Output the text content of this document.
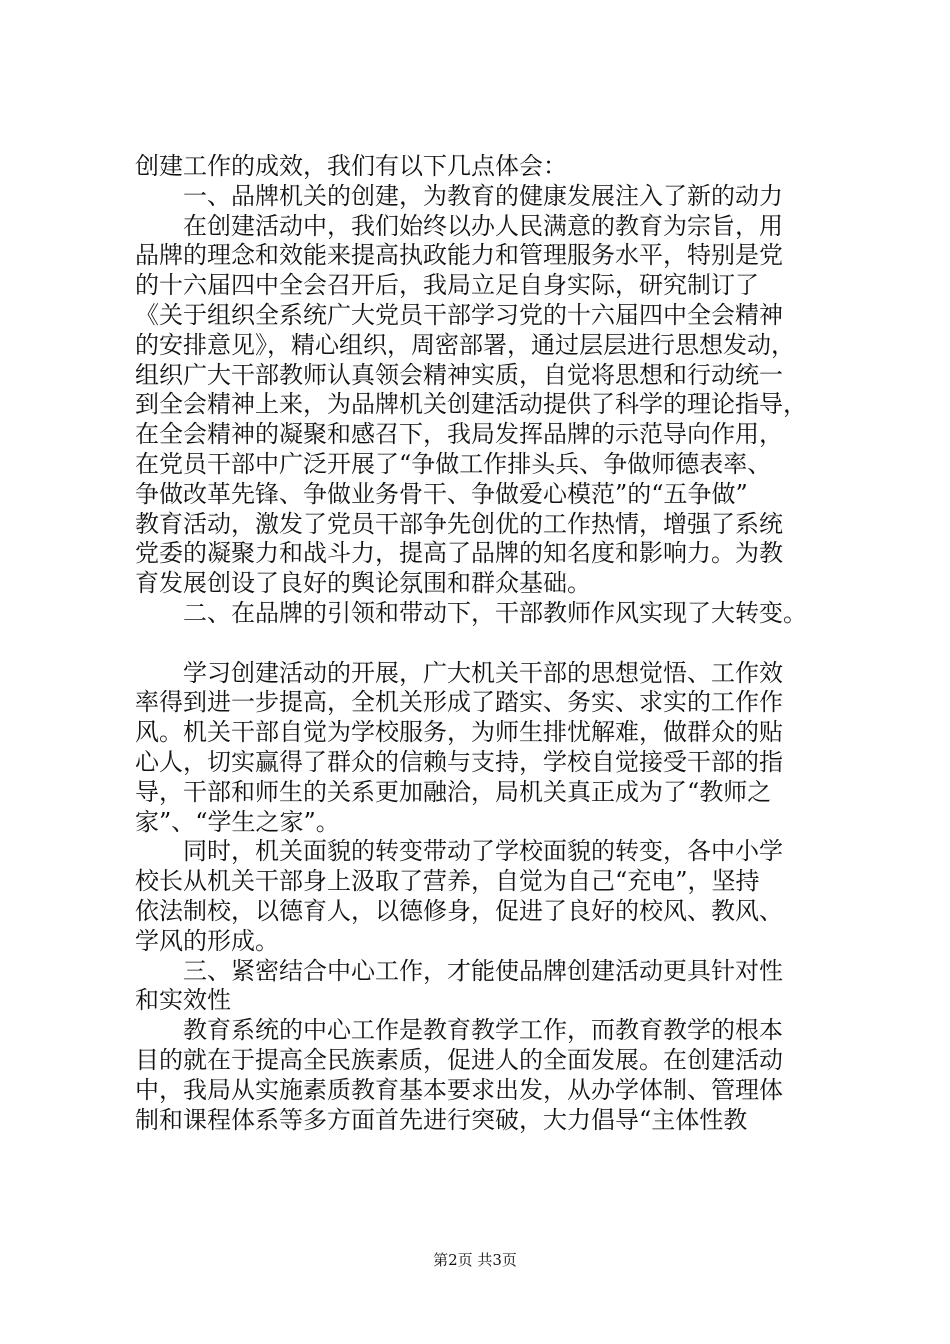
创建工作的成效，我们有以下几点体会：
　　一、品牌机关的创建，为教育的健康发展注入了新的动力
　　在创建活动中，我们始终以办人民满意的教育为宗旨，用
品牌的理念和效能来提高执政能力和管理服务水平，特别是党
的十六届四中全会召开后，我局立足自身实际，研究制订了
《关于组织全系统广大党员干部学习党的十六届四中全会精神
的安排意见》，精心组织，周密部署，通过层层进行思想发动，
组织广大干部教师认真领会精神实质，自觉将思想和行动统一
到全会精神上来，为品牌机关创建活动提供了科学的理论指导，
在全会精神的凝聚和感召下，我局发挥品牌的示范导向作用，
在党员干部中广泛开展了“争做工作排头兵、争做师德表率、
争做改革先锋、争做业务骨干、争做爱心模范”的“五争做”
教育活动，激发了党员干部争先创优的工作热情，增强了系统
党委的凝聚力和战斗力，提高了品牌的知名度和影响力。为教
育发展创设了良好的舆论氛围和群众基础。
　　二、在品牌的引领和带动下，干部教师作风实现了大转变。
　　学习创建活动的开展，广大机关干部的思想觉悟、工作效
率得到进一步提高，全机关形成了踏实、务实、求实的工作作
风。机关干部自觉为学校服务，为师生排忧解难，做群众的贴
心人，切实赢得了群众的信赖与支持，学校自觉接受干部的指
导，干部和师生的关系更加融洽，局机关真正成为了“教师之
家”、“学生之家”。
　　同时，机关面貌的转变带动了学校面貌的转变，各中小学
校长从机关干部身上汲取了营养，自觉为自己“充电”，坚持
依法制校，以德育人，以德修身，促进了良好的校风、教风、
学风的形成。
　　三、紧密结合中心工作，才能使品牌创建活动更具针对性
和实效性
　　教育系统的中心工作是教育教学工作，而教育教学的根本
目的就在于提高全民族素质，促进人的全面发展。在创建活动
中，我局从实施素质教育基本要求出发，从办学体制、管理体
制和课程体系等多方面首先进行突破，大力倡导“主体性教
第2页 共3页
